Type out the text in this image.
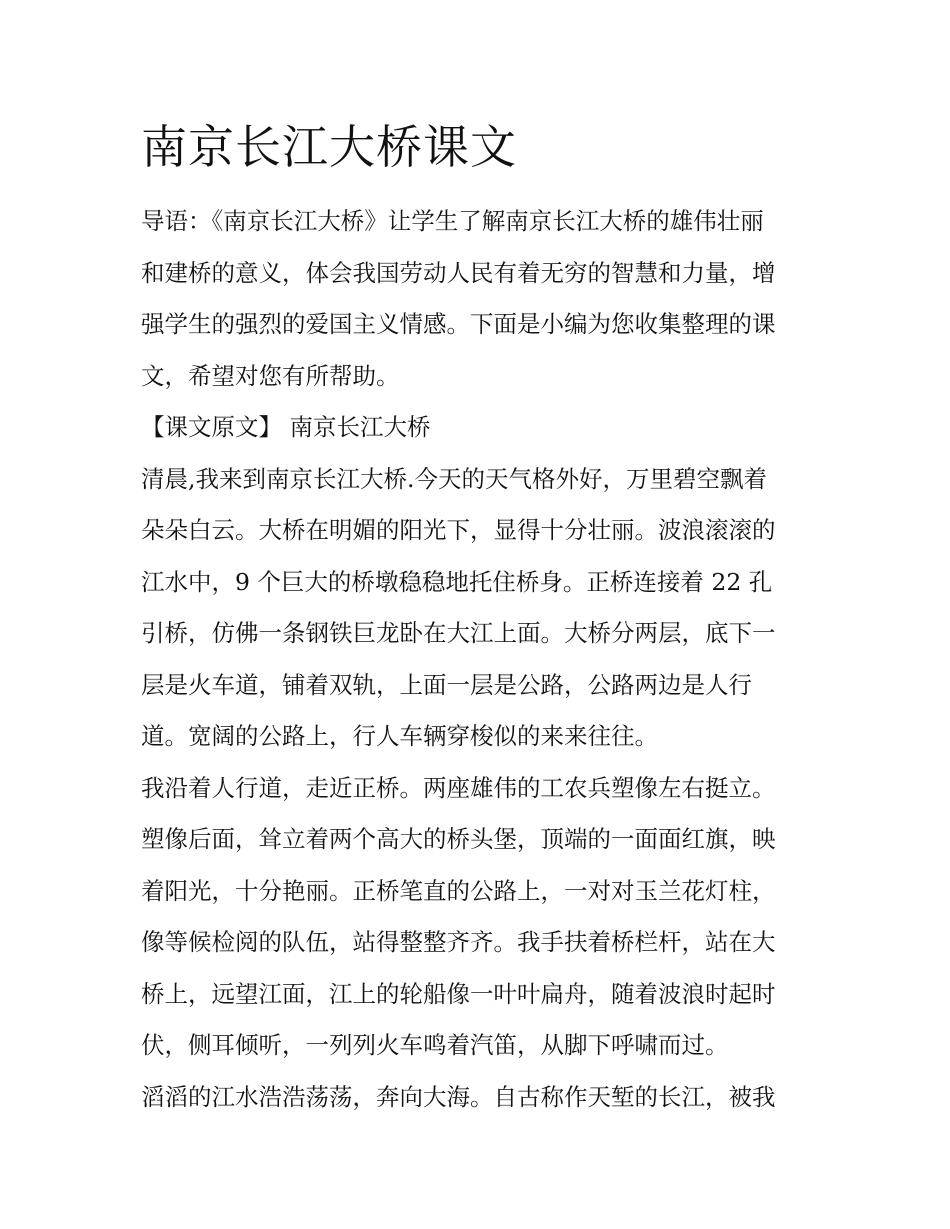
南京长江大桥课文
导语：《南京长江大桥》让学生了解南京长江大桥的雄伟壮丽
和建桥的意义，体会我国劳动人民有着无穷的智慧和力量，增
强学生的强烈的爱国主义情感。下面是小编为您收集整理的课
文，希望对您有所帮助。
【课文原文】 南京长江大桥
清晨,我来到南京长江大桥.今天的天气格外好，万里碧空飘着
朵朵白云。大桥在明媚的阳光下，显得十分壮丽。波浪滚滚的
江水中，9 个巨大的桥墩稳稳地托住桥身。正桥连接着 22 孔
引桥，仿佛一条钢铁巨龙卧在大江上面。大桥分两层，底下一
层是火车道，铺着双轨，上面一层是公路，公路两边是人行
道。宽阔的公路上，行人车辆穿梭似的来来往往。
我沿着人行道，走近正桥。两座雄伟的工农兵塑像左右挺立。
塑像后面，耸立着两个高大的桥头堡，顶端的一面面红旗，映
着阳光，十分艳丽。正桥笔直的公路上，一对对玉兰花灯柱，
像等候检阅的队伍，站得整整齐齐。我手扶着桥栏杆，站在大
桥上，远望江面，江上的轮船像一叶叶扁舟，随着波浪时起时
伏，侧耳倾听，一列列火车鸣着汽笛，从脚下呼啸而过。
滔滔的江水浩浩荡荡，奔向大海。自古称作天堑的长江，被我
